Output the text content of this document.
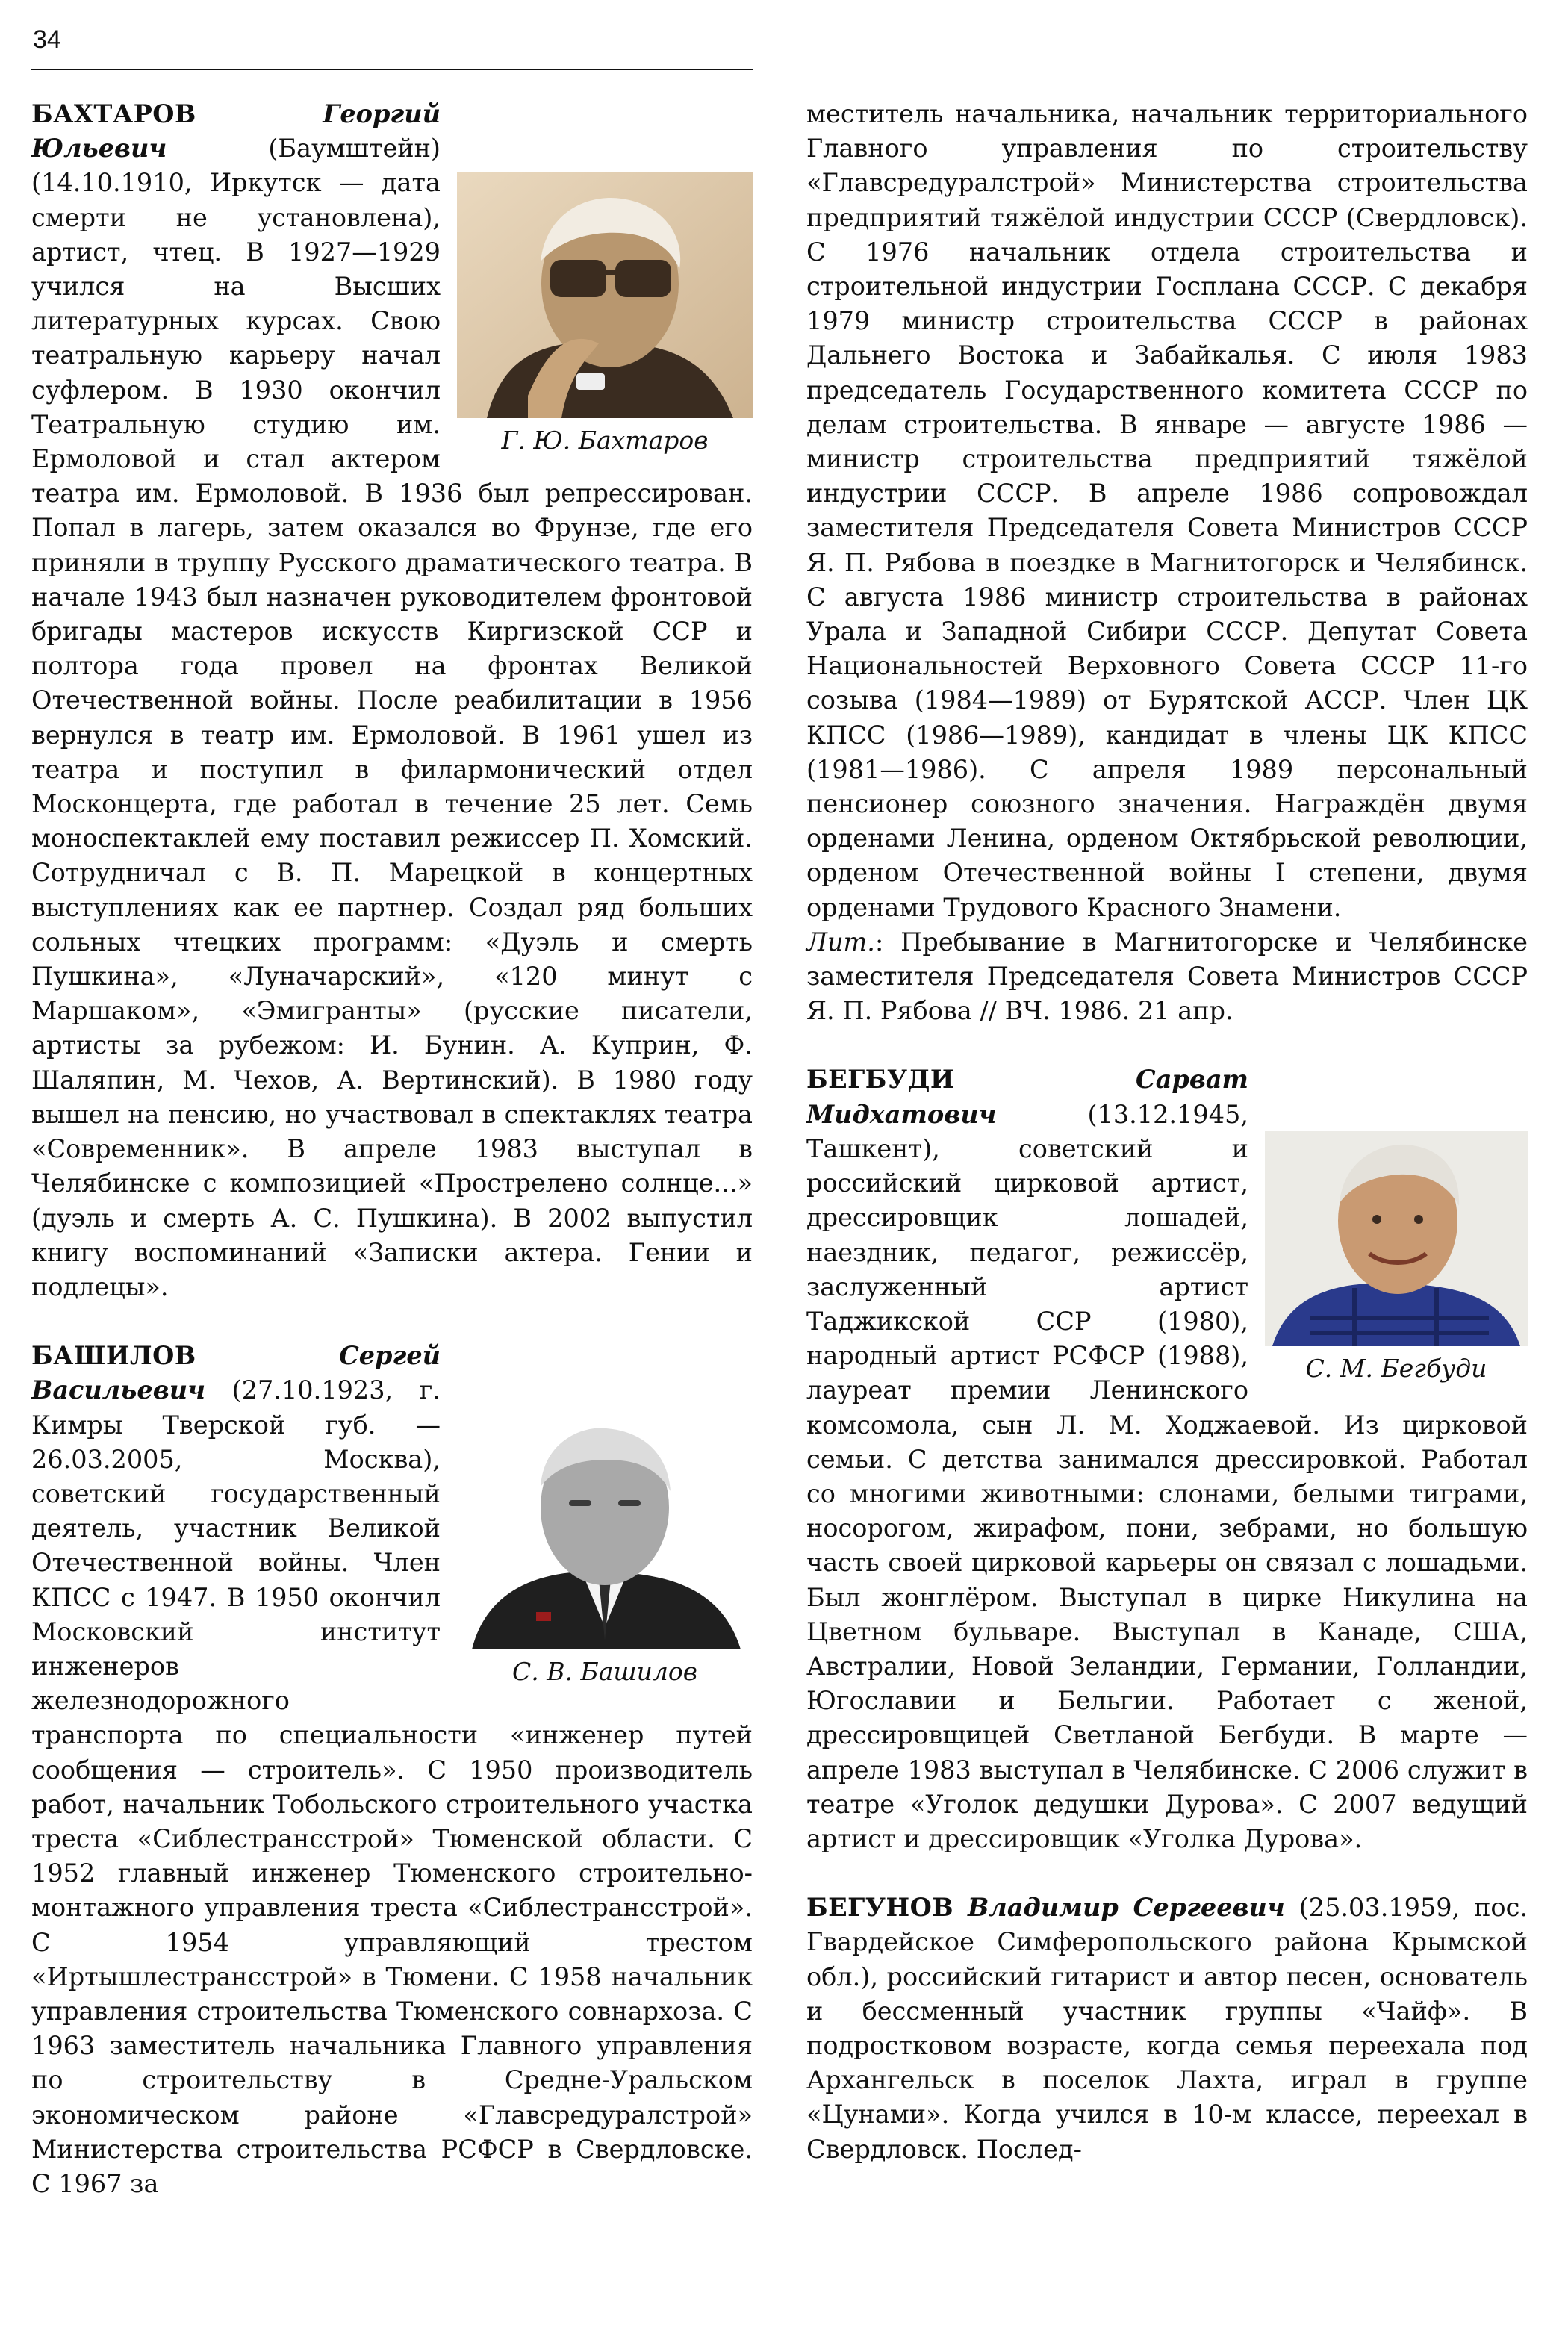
34
Г. Ю. Бахтаров

БАХТАРОВ	Георгий Юльевич (Баумштейн) (14.10.1910, Иркутск — дата смерти не установлена), артист, чтец. В 1927—1929 учился на Высших литературных курсах. Свою театральную карьеру начал суфлером. В 1930 окончил Театральную студию им. Ермоловой и стал актером театра им. Ермоловой. В 1936 был репрессирован. Попал в лагерь, затем оказался во Фрунзе, где его приняли в труппу Русского драматического театра. В начале 1943 был назначен руководителем фронтовой бригады мастеров искусств Киргизской ССР и полтора года провел на фронтах Великой Отечественной войны. После реабилитации в 1956 вернулся в театр им. Ермоловой. В 1961 ушел из театра и поступил в филармонический отдел Москонцерта, где работал в течение 25 лет. Семь моноспектаклей ему поставил режиссер П. Хомский. Сотрудничал с В. П. Марецкой в концертных выступлениях как ее партнер. Создал ряд больших сольных чтецких программ: «Дуэль и смерть Пушкина», «Луначарский», «120 минут с Маршаком», «Эмигранты» (русские писатели, артисты за рубежом: И. Бунин. А. Куприн, Ф. Шаляпин, М. Чехов, А. Вертинский). В 1980 году вышел на пенсию, но участвовал в спектаклях театра «Современник». В апреле 1983 выступал в Челябинске с композицией «Прострелено солнце...» (дуэль и смерть А. С. Пушкина). В 2002 выпустил книгу воспоминаний «Записки актера. Гении и подлецы».

С. В. Башилов

БАШИЛОВ	Сергей Васильевич (27.10.1923, г. Кимры Тверской губ. — 26.03.2005, Москва), советский государственный деятель, участник Великой Отечественной войны. Член КПСС с 1947. В 1950 окончил Московский институт инженеров железнодорожного транспорта по специальности «инженер путей сообщения — строитель». С 1950 производитель работ, начальник Тобольского строительного участка треста «Сиблестрансстрой» Тюменской области. С 1952 главный инженер Тюменского строительно-монтажного управления треста «Сиблестрансстрой». С 1954 управляющий трестом «Иртышлестрансстрой» в Тюмени. С 1958 начальник управления строительства Тюменского совнархоза. С 1963 заместитель начальника Главного управления по строительству в Средне-Уральском экономическом районе «Главсредуралстрой» Министерства строительства РСФСР в Свердловске. С 1967 за

меститель начальника, начальник территориального Главного управления по строительству «Главсредуралстрой» Министерства строительства предприятий тяжёлой индустрии СССР (Свердловск). С 1976 начальник отдела строительства и строительной индустрии Госплана СССР. С декабря 1979 министр строительства СССР в районах Дальнего Востока и Забайкалья. С июля 1983 председатель Государственного комитета СССР по делам строительства. В январе — августе 1986 — министр строительства предприятий тяжёлой индустрии СССР. В апреле 1986 сопровождал заместителя Председателя Совета Министров СССР Я. П. Рябова в поездке в Магнитогорск и Челябинск. С августа 1986 министр строительства в районах Урала и Западной Сибири СССР. Депутат Совета Национальностей Верховного Совета СССР 11-го созыва (1984—1989) от Бурятской АССР. Член ЦК КПСС (1986—1989), кандидат в члены ЦК КПСС (1981—1986). С апреля 1989 персональный пенсионер союзного значения. Награждён двумя орденами Ленина, орденом Октябрьской революции, орденом Отечественной войны I степени, двумя орденами Трудового Красного Знамени.

Лит.: Пребывание в Магнитогорске и Челябинске заместителя Председателя Совета Министров СССР Я. П. Рябова // ВЧ. 1986. 21 апр.

С. М. Бегбуди

БЕГБУДИ	Сарват Мидхатович (13.12.1945, Ташкент), советский и российский цирковой артист, дрессировщик лошадей, наездник, педагог, режиссёр, заслуженный артист Таджикской ССР (1980), народный артист РСФСР (1988), лауреат премии Ленинского комсомола, сын Л. М. Ходжаевой. Из цирковой семьи. С детства занимался дрессировкой. Работал со многими животными: слонами, белыми тиграми, носорогом, жирафом, пони, зебрами, но большую часть своей цирковой карьеры он связал с лошадьми. Был жонглёром. Выступал в цирке Никулина на Цветном бульваре. Выступал в Канаде, США, Австралии, Новой Зеландии, Германии, Голландии, Югославии и Бельгии. Работает с женой, дрессировщицей Светланой Бегбуди. В марте — апреле 1983 выступал в Челябинске. С 2006 служит в театре «Уголок дедушки Дурова». С 2007 ведущий артист и дрессировщик «Уголка Дурова».

БЕГУНОВ Владимир Сергеевич (25.03.1959, пос. Гвардейское Симферопольского района Крымской обл.), российский гитарист и автор песен, основатель и бессменный участник группы «Чайф». В подростковом возрасте, когда семья переехала под Архангельск в поселок Лахта, играл в группе «Цунами». Когда учился в 10-м классе, переехал в Свердловск. Послед-
